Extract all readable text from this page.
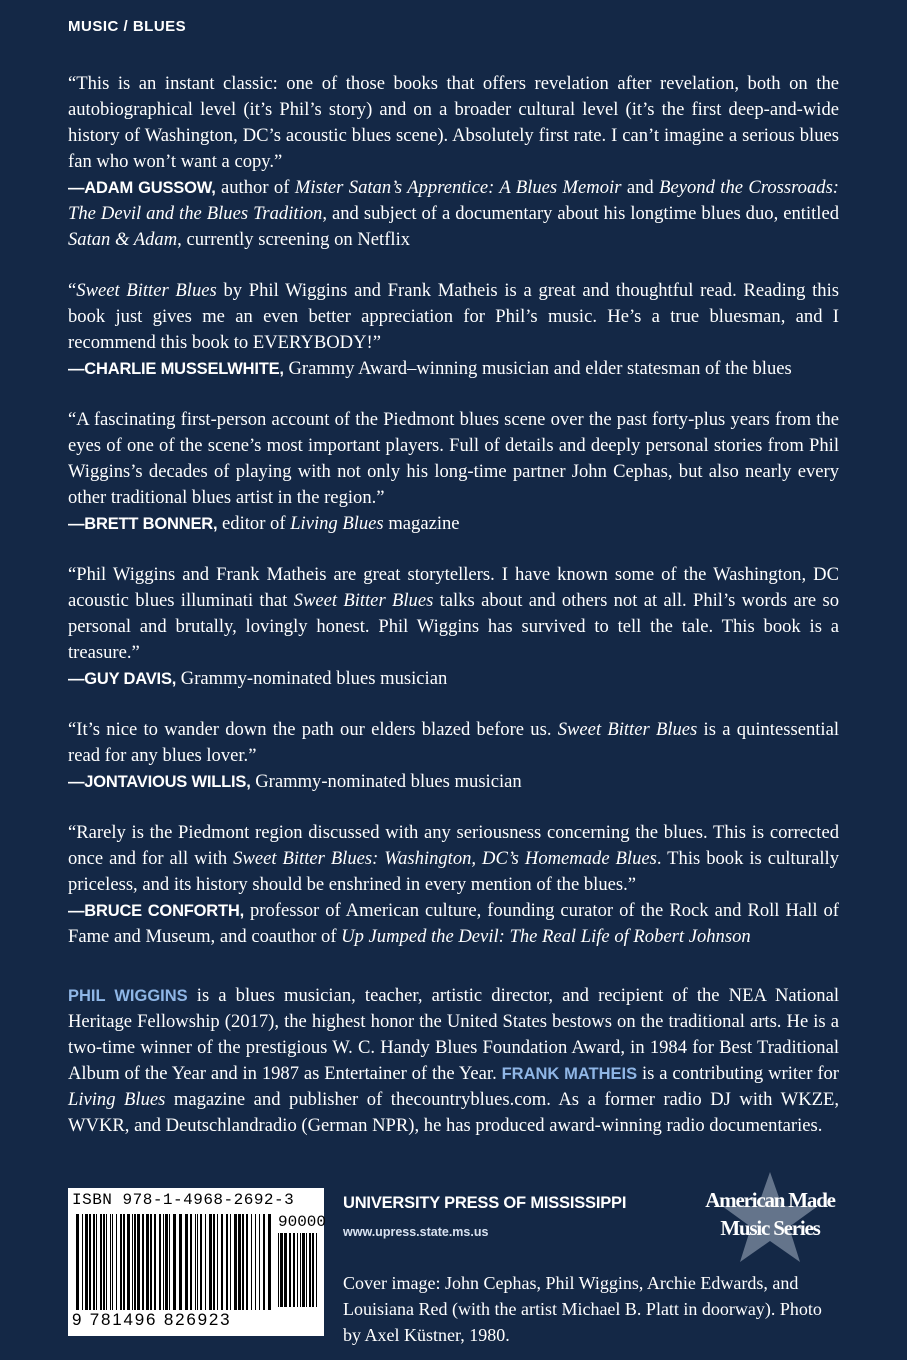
MUSIC / BLUES

“This is an instant classic: one of those books that offers revelation after revelation, both on the autobiographical level (it’s Phil’s story) and on a broader cultural level (it’s the first deep-and-wide history of Washington, DC’s acoustic blues scene). Absolutely first rate. I can’t imagine a serious blues fan who won’t want a copy.”

—ADAM GUSSOW, author of Mister Satan’s Apprentice: A Blues Memoir and Beyond the Crossroads: The Devil and the Blues Tradition, and subject of a documentary about his longtime blues duo, entitled Satan & Adam, currently screening on Netflix

“Sweet Bitter Blues by Phil Wiggins and Frank Matheis is a great and thoughtful read. Reading this book just gives me an even better appreciation for Phil’s music. He’s a true bluesman, and I recommend this book to EVERYBODY!”

—CHARLIE MUSSELWHITE, Grammy Award–winning musician and elder statesman of the blues

“A fascinating first-person account of the Piedmont blues scene over the past forty-plus years from the eyes of one of the scene’s most important players. Full of details and deeply personal stories from Phil Wiggins’s decades of playing with not only his long-time partner John Cephas, but also nearly every other traditional blues artist in the region.”

—BRETT BONNER, editor of Living Blues magazine

“Phil Wiggins and Frank Matheis are great storytellers. I have known some of the Washington, DC acoustic blues illuminati that Sweet Bitter Blues talks about and others not at all. Phil’s words are so personal and brutally, lovingly honest. Phil Wiggins has survived to tell the tale. This book is a treasure.”

—GUY DAVIS, Grammy-nominated blues musician

“It’s nice to wander down the path our elders blazed before us. Sweet Bitter Blues is a quintessential read for any blues lover.”

—JONTAVIOUS WILLIS, Grammy-nominated blues musician

“Rarely is the Piedmont region discussed with any seriousness concerning the blues. This is corrected once and for all with Sweet Bitter Blues: Washington, DC’s Homemade Blues. This book is culturally priceless, and its history should be enshrined in every mention of the blues.”

—BRUCE CONFORTH, professor of American culture, founding curator of the Rock and Roll Hall of Fame and Museum, and coauthor of Up Jumped the Devil: The Real Life of Robert Johnson

PHIL WIGGINS is a blues musician, teacher, artistic director, and recipient of the NEA National Heritage Fellowship (2017), the highest honor the United States bestows on the traditional arts. He is a two-time winner of the prestigious W. C. Handy Blues Foundation Award, in 1984 for Best Traditional Album of the Year and in 1987 as Entertainer of the Year. FRANK MATHEIS is a contributing writer for Living Blues magazine and publisher of thecountryblues.com. As a former radio DJ with WKZE, WVKR, and Deutschlandradio (German NPR), he has produced award-winning radio documentaries.

ISBN 978-1-4968-2692-3
90000
9 781496 826923
UNIVERSITY PRESS OF MISSISSIPPI
www.upress.state.ms.us
American Made
Music Series
Cover image: John Cephas, Phil Wiggins, Archie Edwards, and Louisiana Red (with the artist Michael B. Platt in doorway). Photo by Axel Küstner, 1980.
